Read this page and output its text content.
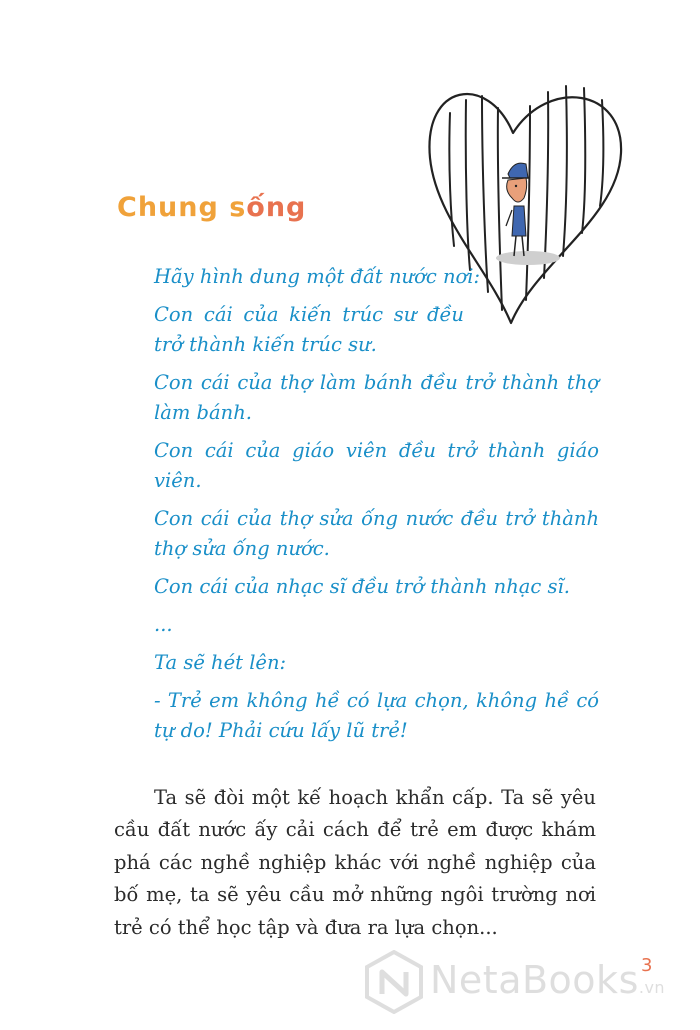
Chung sống

Hãy hình dung một đất nước nơi:

Con cái của kiến trúc sư đều trở thành kiến trúc sư.

Con cái của thợ làm bánh đều trở thành thợ làm bánh.

Con cái của giáo viên đều trở thành giáo viên.

Con cái của thợ sửa ống nước đều trở thành thợ sửa ống nước.

Con cái của nhạc sĩ đều trở thành nhạc sĩ.

...

Ta sẽ hét lên:

- Trẻ em không hề có lựa chọn, không hề có tự do! Phải cứu lấy lũ trẻ!

Ta sẽ đòi một kế hoạch khẩn cấp. Ta sẽ yêu cầu đất nước ấy cải cách để trẻ em được khám phá các nghề nghiệp khác với nghề nghiệp của bố mẹ, ta sẽ yêu cầu mở những ngôi trường nơi trẻ có thể học tập và đưa ra lựa chọn...

NetaBooks.vn
3
